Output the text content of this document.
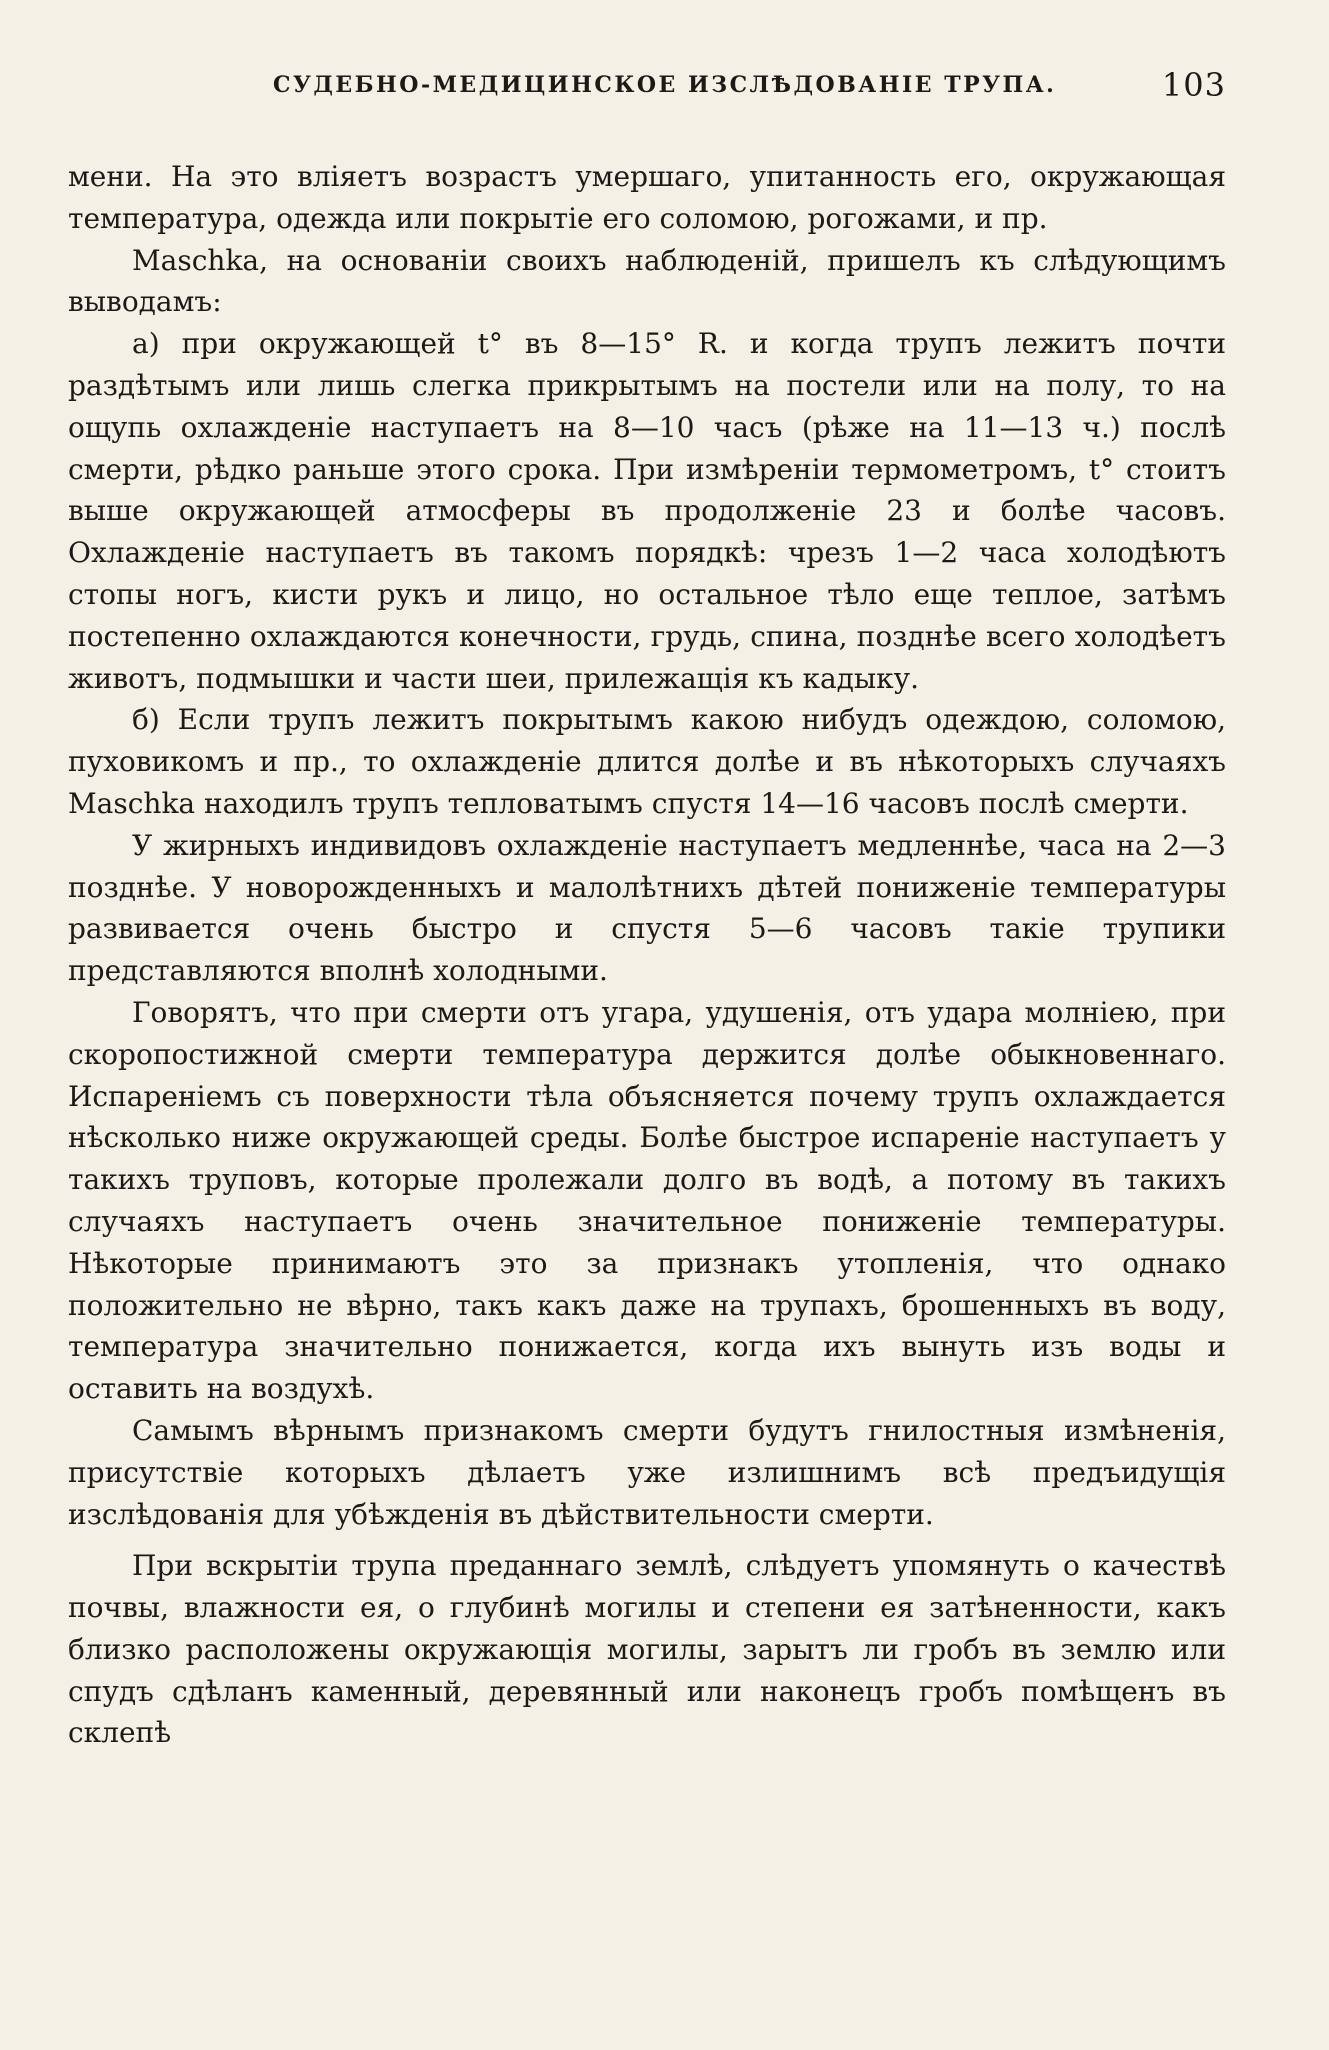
СУДЕБНО-МЕДИЦИНСКОЕ ИЗСЛѢДОВАНІЕ ТРУПА.	103

мени. На это вліяетъ возрастъ умершаго, упитанность его, окружающая температура, одежда или покрытіе его соломою, рогожами, и пр.

Maschka, на основаніи своихъ наблюденій, пришелъ къ слѣдующимъ выводамъ:

а) при окружающей t° въ 8—15° R. и когда трупъ лежитъ почти раздѣтымъ или лишь слегка прикрытымъ на постели или на полу, то на ощупь охлажденіе наступаетъ на 8—10 часъ (рѣже на 11—13 ч.) послѣ смерти, рѣдко раньше этого срока. При измѣреніи термометромъ, t° стоитъ выше окружающей атмосферы въ продолженіе 23 и болѣе часовъ. Охлажденіе наступаетъ въ такомъ порядкѣ: чрезъ 1—2 часа холодѣютъ стопы ногъ, кисти рукъ и лицо, но остальное тѣло еще теплое, затѣмъ постепенно охлаждаются конечности, грудь, спина, позднѣе всего холодѣетъ животъ, подмышки и части шеи, прилежащія къ кадыку.

б) Если трупъ лежитъ покрытымъ какою нибудъ одеждою, соломою, пуховикомъ и пр., то охлажденіе длится долѣе и въ нѣкоторыхъ случаяхъ Maschka находилъ трупъ тепловатымъ спустя 14—16 часовъ послѣ смерти.

У жирныхъ индивидовъ охлажденіе наступаетъ медленнѣе, часа на 2—3 позднѣе. У новорожденныхъ и малолѣтнихъ дѣтей пониженіе температуры развивается очень быстро и спустя 5—6 часовъ такіе трупики представляются вполнѣ холодными.

Говорятъ, что при смерти отъ угара, удушенія, отъ удара молніею, при скоропостижной смерти температура держится долѣе обыкновеннаго. Испареніемъ съ поверхности тѣла объясняется почему трупъ охлаждается нѣсколько ниже окружающей среды. Болѣе быстрое испареніе наступаетъ у такихъ труповъ, которые пролежали долго въ водѣ, а потому въ такихъ случаяхъ наступаетъ очень значительное пониженіе температуры. Нѣкоторые принимаютъ это за признакъ утопленія, что однако положительно не вѣрно, такъ какъ даже на трупахъ, брошенныхъ въ воду, температура значительно понижается, когда ихъ вынуть изъ воды и оставить на воздухѣ.

Самымъ вѣрнымъ признакомъ смерти будутъ гнилостныя измѣненія, присутствіе которыхъ дѣлаетъ уже излишнимъ всѣ предъидущія изслѣдованія для убѣжденія въ дѣйствительности смерти.

При вскрытіи трупа преданнаго землѣ, слѣдуетъ упомянуть о качествѣ почвы, влажности ея, о глубинѣ могилы и степени ея затѣненности, какъ близко расположены окружающія могилы, зарытъ ли гробъ въ землю или спудъ сдѣланъ каменный, деревянный или наконецъ гробъ помѣщенъ въ склепѣ
